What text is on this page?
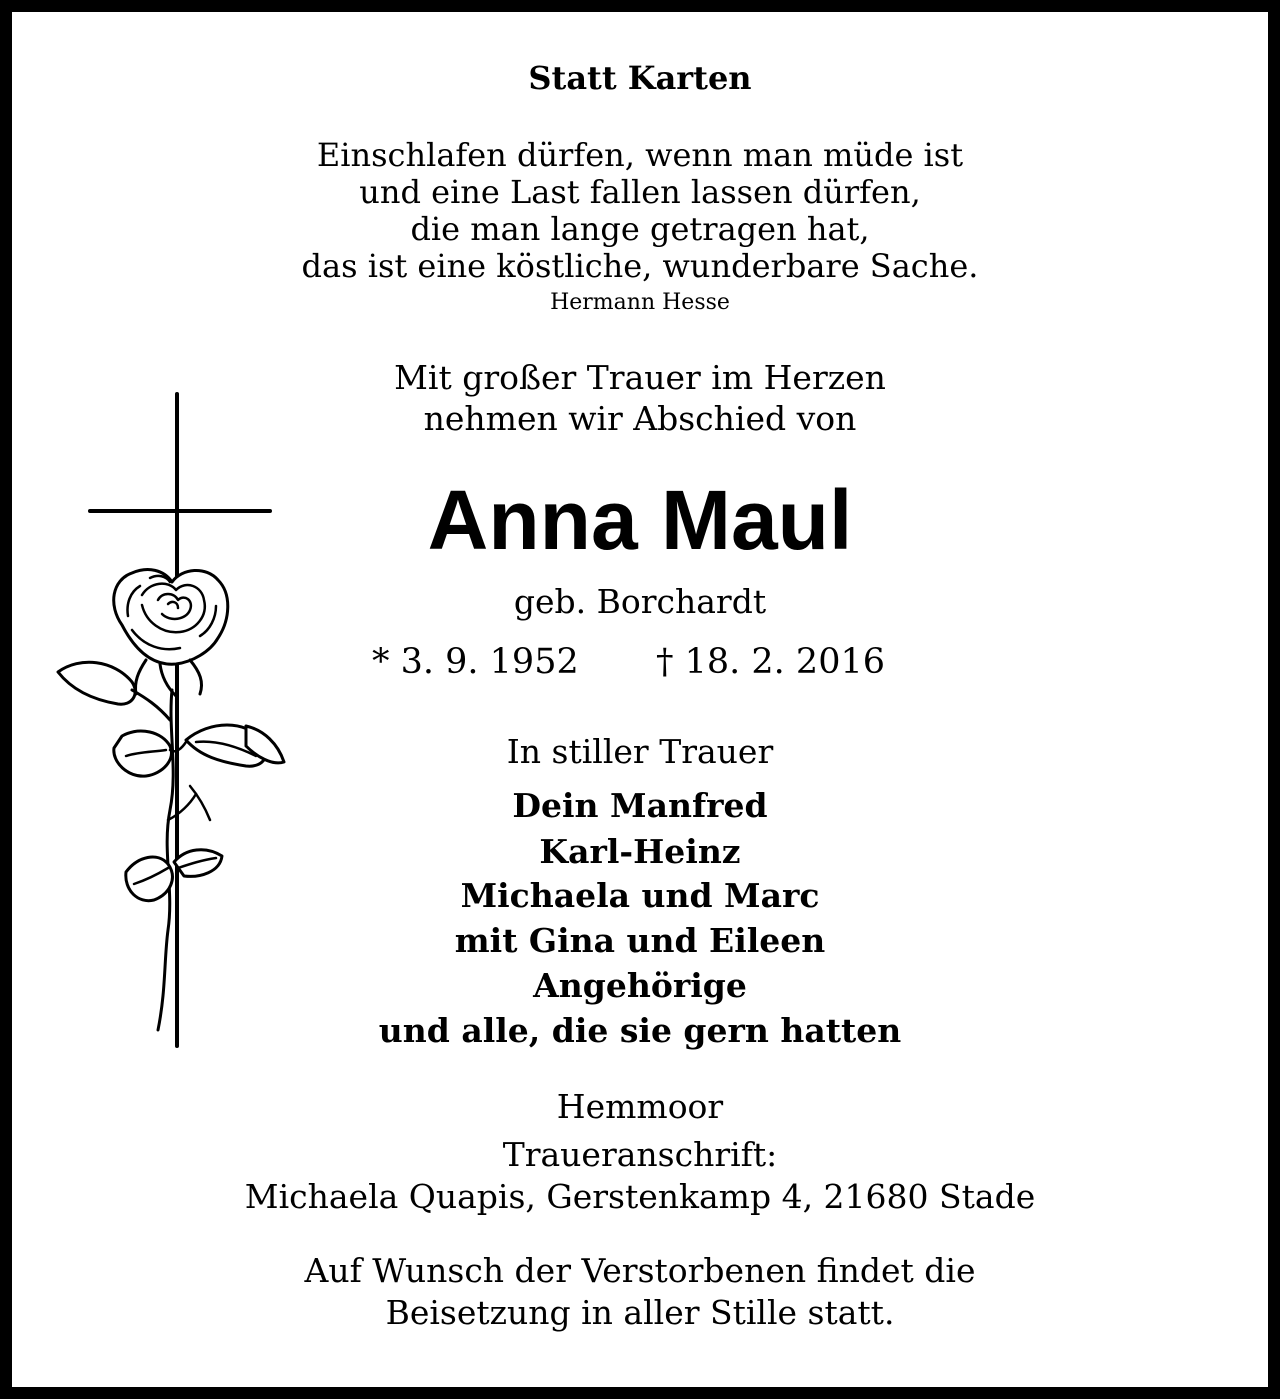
Statt Karten
Einschlafen dürfen, wenn man müde ist
und eine Last fallen lassen dürfen,
die man lange getragen hat,
das ist eine köstliche, wunderbare Sache.
Hermann Hesse
Mit großer Trauer im Herzen
nehmen wir Abschied von
Anna Maul
geb. Borchardt
* 3. 9. 1952 † 18. 2. 2016
In stiller Trauer
Dein Manfred
Karl-Heinz
Michaela und Marc
mit Gina und Eileen
Angehörige
und alle, die sie gern hatten
Hemmoor
Traueranschrift:
Michaela Quapis, Gerstenkamp 4, 21680 Stade
Auf Wunsch der Verstorbenen findet die
Beisetzung in aller Stille statt.
